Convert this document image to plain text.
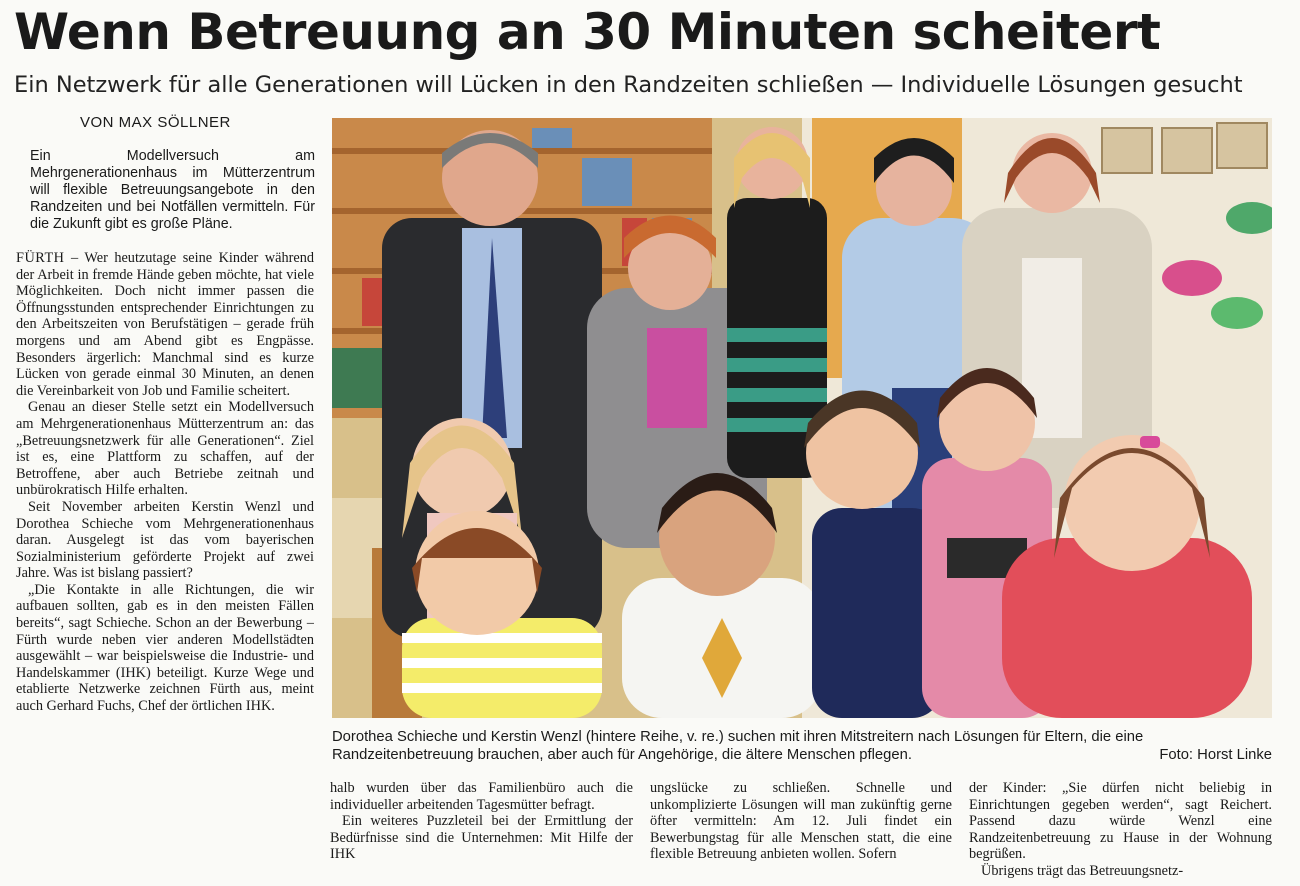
Wenn Betreuung an 30 Minuten scheitert
Ein Netzwerk für alle Generationen will Lücken in den Randzeiten schließen — Individuelle Lösungen gesucht
VON MAX SÖLLNER
Ein Modellversuch am Mehrgenerationenhaus im Mütterzentrum will flexible Betreuungsangebote in den Randzeiten und bei Notfällen vermitteln. Für die Zukunft gibt es große Pläne.

FÜRTH – Wer heutzutage seine Kinder während der Arbeit in fremde Hände geben möchte, hat viele Möglichkeiten. Doch nicht immer passen die Öffnungsstunden entsprechender Einrichtungen zu den Arbeitszeiten von Berufstätigen – gerade früh morgens und am Abend gibt es Engpässe. Besonders ärgerlich: Manchmal sind es kurze Lücken von gerade einmal 30 Minuten, an denen die Vereinbarkeit von Job und Familie scheitert.

Genau an dieser Stelle setzt ein Modellversuch am Mehrgenerationenhaus Mütterzentrum an: das „Betreuungsnetzwerk für alle Generationen“. Ziel ist es, eine Plattform zu schaffen, auf der Betroffene, aber auch Betriebe zeitnah und unbürokratisch Hilfe erhalten.

Seit November arbeiten Kerstin Wenzl und Dorothea Schieche vom Mehrgenerationenhaus daran. Ausgelegt ist das vom bayerischen Sozialministerium geförderte Projekt auf zwei Jahre. Was ist bislang passiert?

„Die Kontakte in alle Richtungen, die wir aufbauen sollten, gab es in den meisten Fällen bereits“, sagt Schieche. Schon an der Bewerbung – Fürth wurde neben vier anderen Modellstädten ausgewählt – war beispielsweise die Industrie- und Handelskammer (IHK) beteiligt. Kurze Wege und etablierte Netzwerke zeichnen Fürth aus, meint auch Gerhard Fuchs, Chef der örtlichen IHK.

Dorothea Schieche und Kerstin Wenzl (hintere Reihe, v. re.) suchen mit ihren Mitstreitern nach Lösungen für Eltern, die eine Randzeitenbetreuung brauchen, aber auch für Angehörige, die ältere Menschen pflegen.	Foto: Horst Linke

halb wurden über das Familienbüro auch die individueller arbeitenden Tagesmütter befragt.

Ein weiteres Puzzleteil bei der Ermittlung der Bedürfnisse sind die Unternehmen: Mit Hilfe der IHK

ungslücke zu schließen. Schnelle und unkomplizierte Lösungen will man zukünftig gerne öfter vermitteln: Am 12. Juli findet ein Bewerbungstag für alle Menschen statt, die eine flexible Betreuung anbieten wollen. Sofern

der Kinder: „Sie dürfen nicht beliebig in Einrichtungen gegeben werden“, sagt Reichert. Passend dazu würde Wenzl eine Randzeitenbetreuung zu Hause in der Wohnung begrüßen.

Übrigens trägt das Betreuungsnetz-
